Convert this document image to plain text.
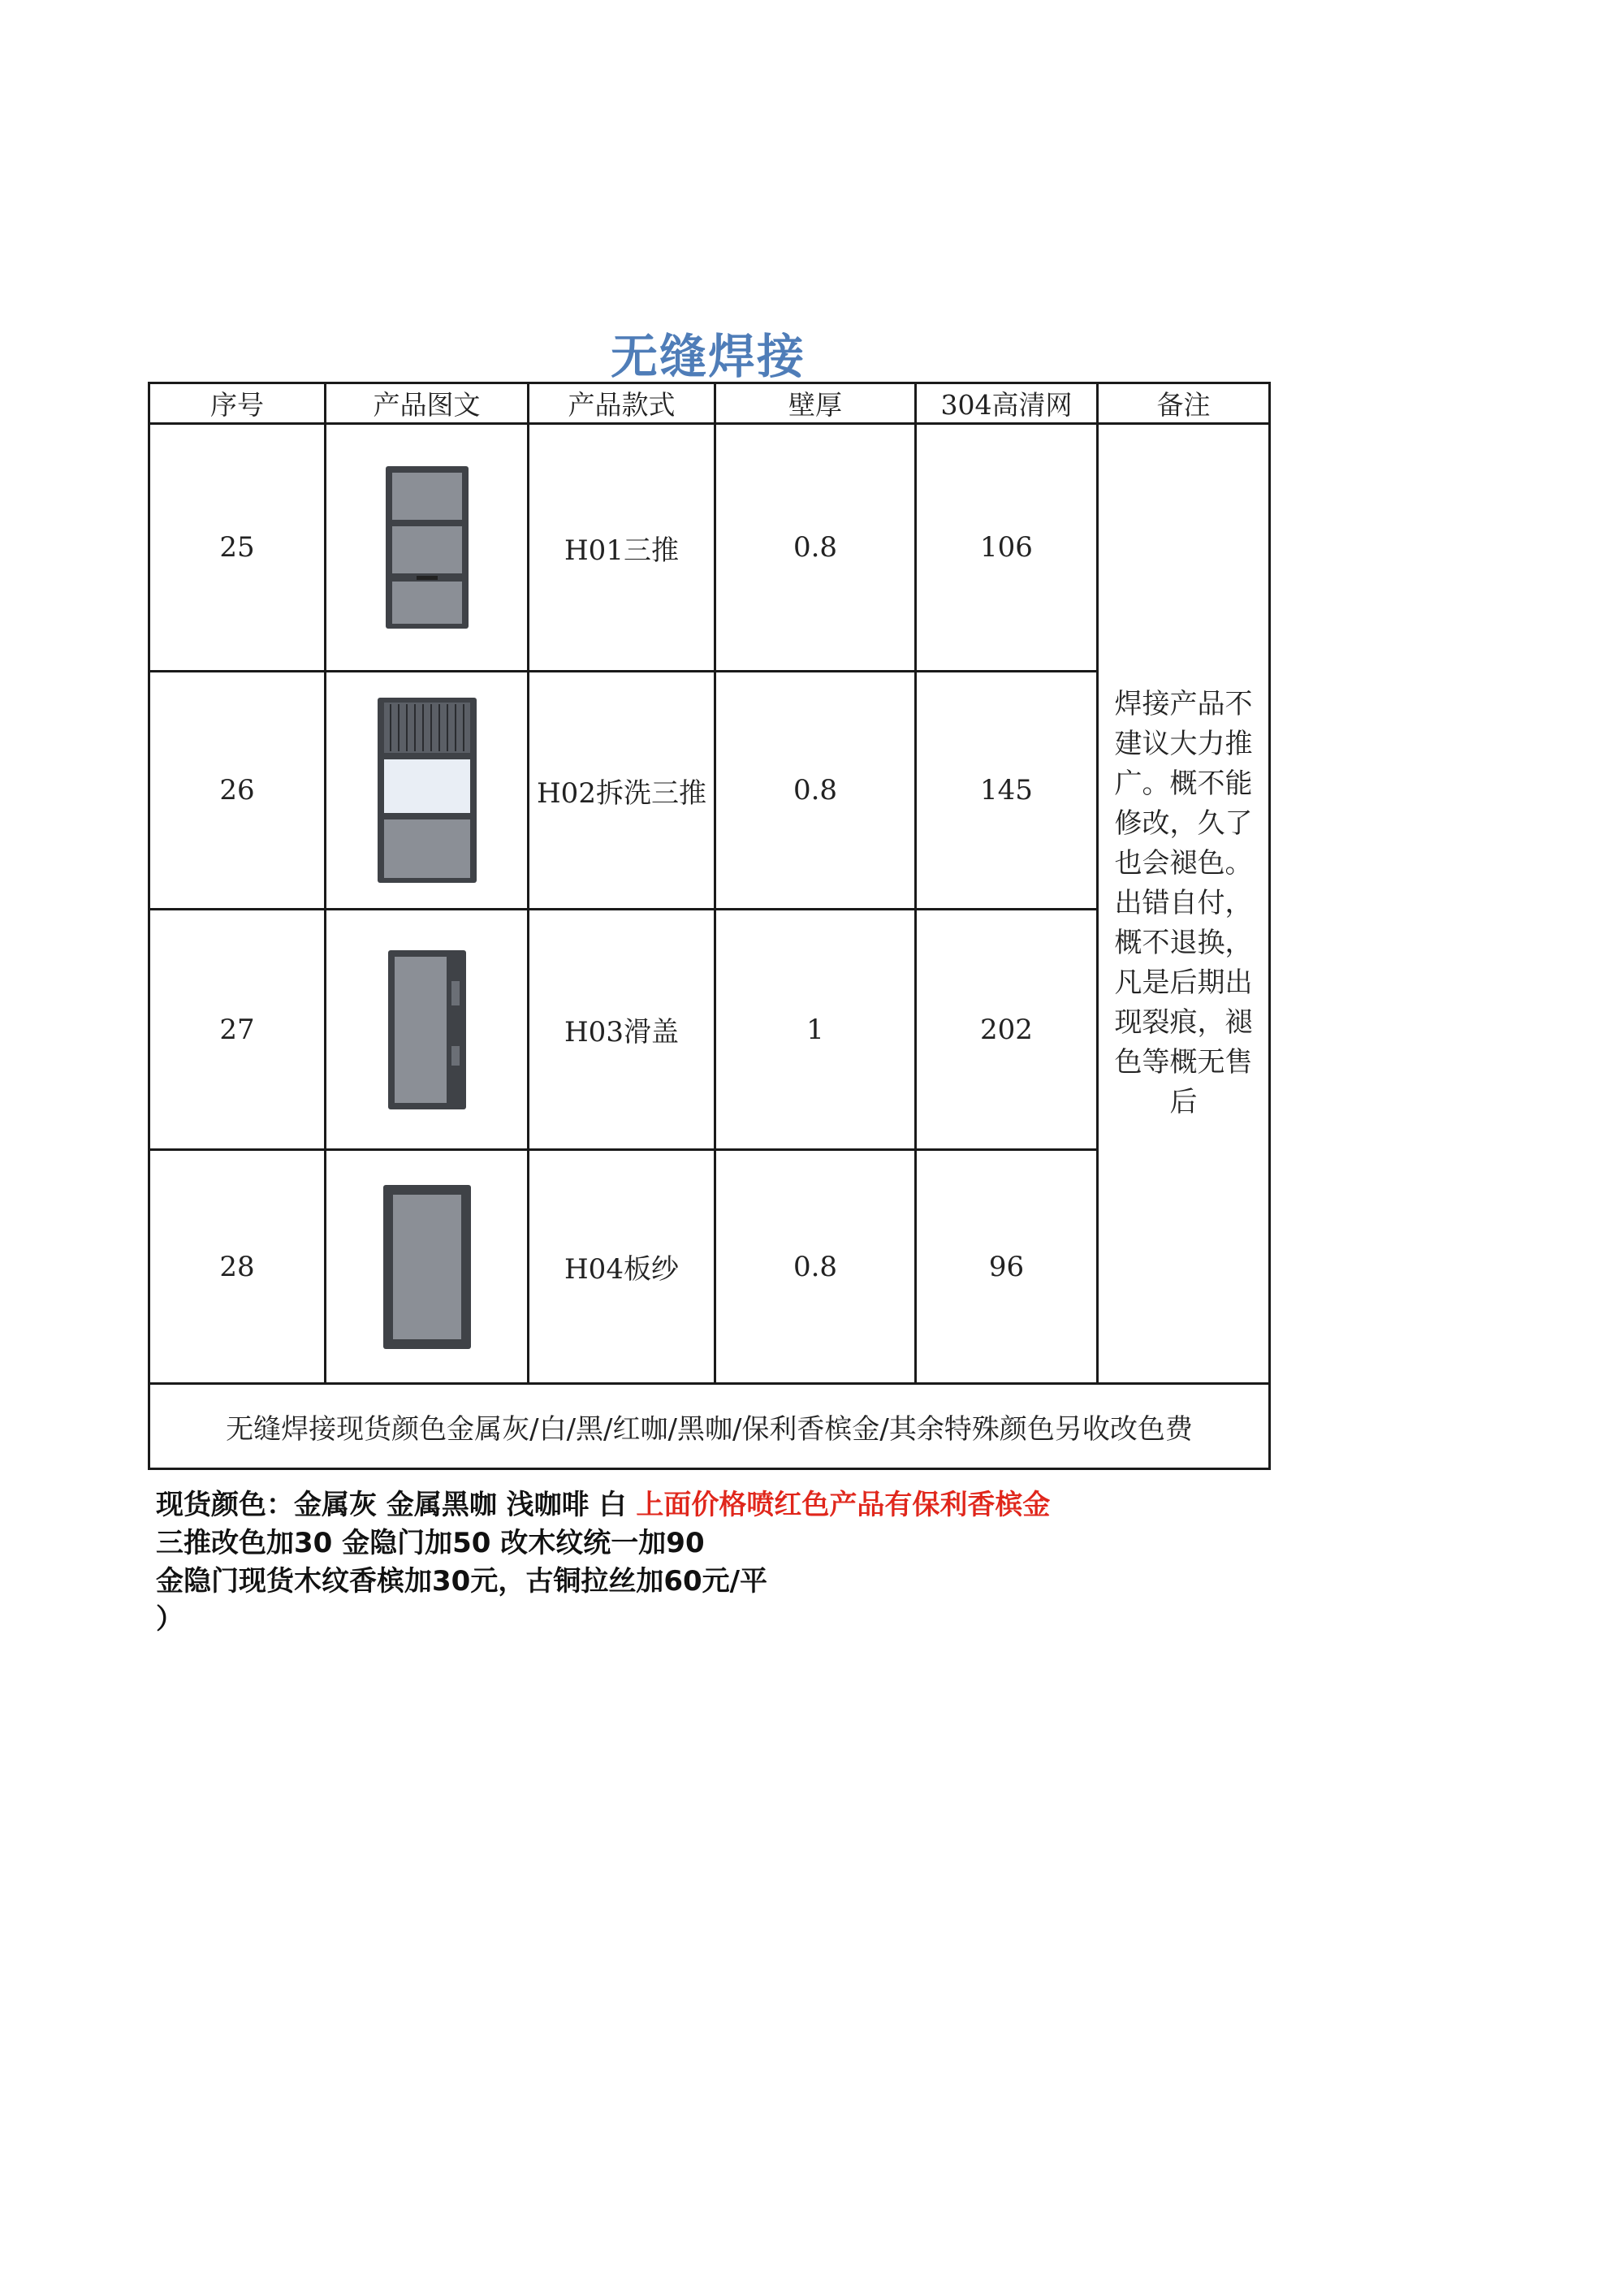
无缝焊接
序号	产品图文	产品款式	壁厚	304高清网	备注
25		H01三推	0.8	106	焊接产品不建议大力推广。概不能修改，久了也会褪色。出错自付，概不退换，凡是后期出现裂痕，褪色等概无售后
26		H02拆洗三推	0.8	145	
27		H03滑盖	1	202	
28		H04板纱	0.8	96	
无缝焊接现货颜色金属灰/白/黑/红咖/黑咖/保利香槟金/其余特殊颜色另收改色费					
现货颜色：金属灰 金属黑咖 浅咖啡 白 上面价格喷红色产品有保利香槟金
三推改色加30 金隐门加50 改木纹统一加90
金隐门现货木纹香槟加30元，古铜拉丝加60元/平
）
